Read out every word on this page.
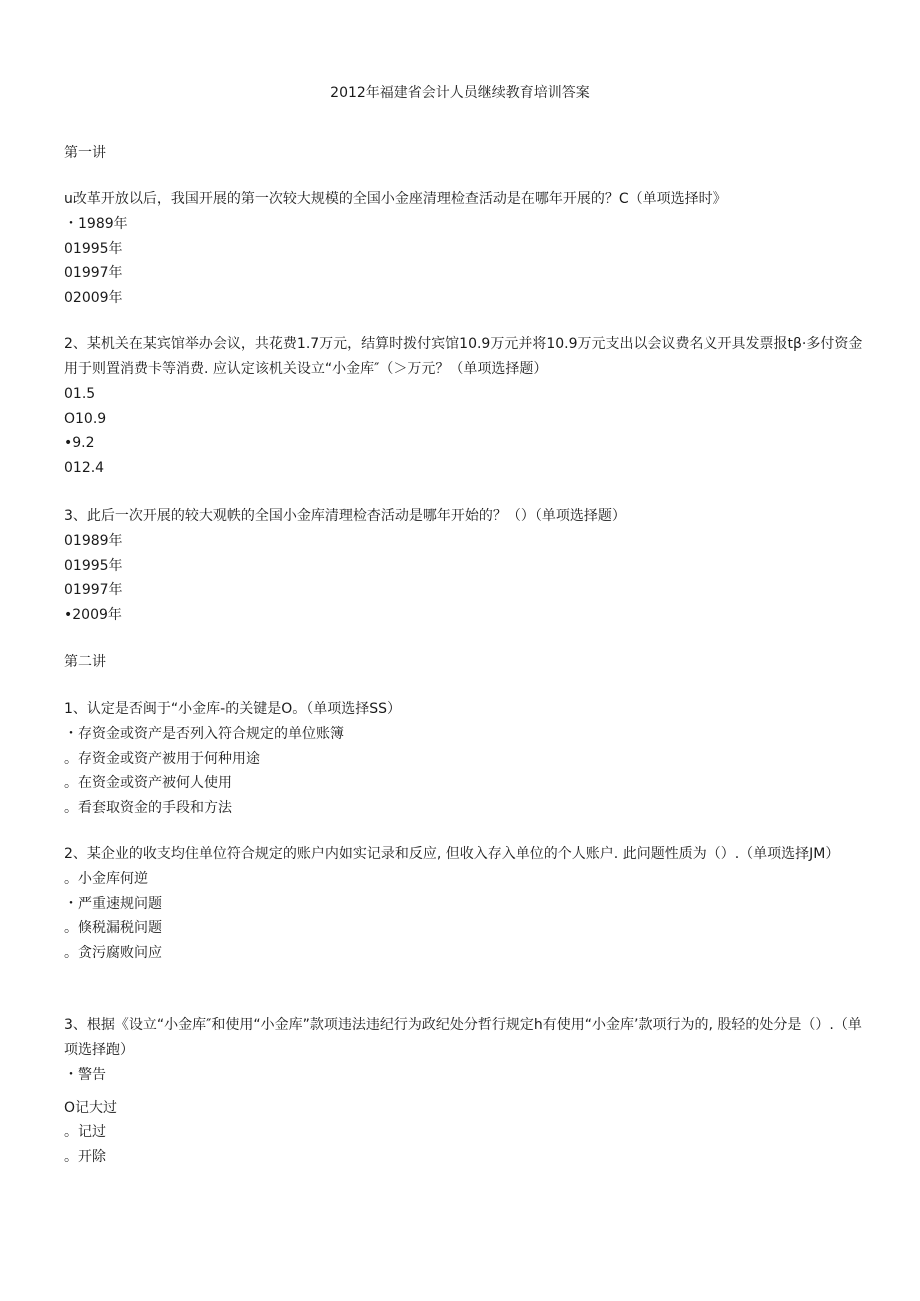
2012年福建省会计人员继续教育培训答案
第一讲

u改革开放以后，我国开展的第一次较大规模的全国小金座清理检查活动是在哪年开展的？C（单项选择时》

・1989年

01995年

01997年

02009年

2、某机关在某宾馆举办会议，共花费1.7万元，结算时拨付宾馆10.9万元并将10.9万元支出以会议费名义开具发票报tβ·多付资金用于则置消费卡等消费. 应认定该机关设立“小金库″（＞万元？（单项选择题）

01.5

O10.9

•9.2

012.4

3、此后一次开展的较大观帙的全国小金库清理检杳活动是哪年开始的？（）（单项选择题）

01989年

01995年

01997年

•2009年

第二讲

1、认定是否闽于“小金库-的关键是O。（单项选择SS）

・存资金或资产是否列入符合规定的单位账簿

。存资金或资产被用于何种用途

。在资金或资产被何人使用

。看套取资金的手段和方法

2、某企业的收支均住单位符合规定的账户内如实记录和反应, 但收入存入单位的个人账户. 此问题性质为（）.（单项选择JM）

。小金库何逆

・严重速规问题

。倏税漏税问题

。贪污腐败问应

3、根据《设立“小金库″和使用“小金库”款项违法违纪行为政纪处分哲行规定h有使用“小金库’款项行为的, 股轻的处分是（）.（单项选择跑）

・警告

O记大过

。记过

。开除
